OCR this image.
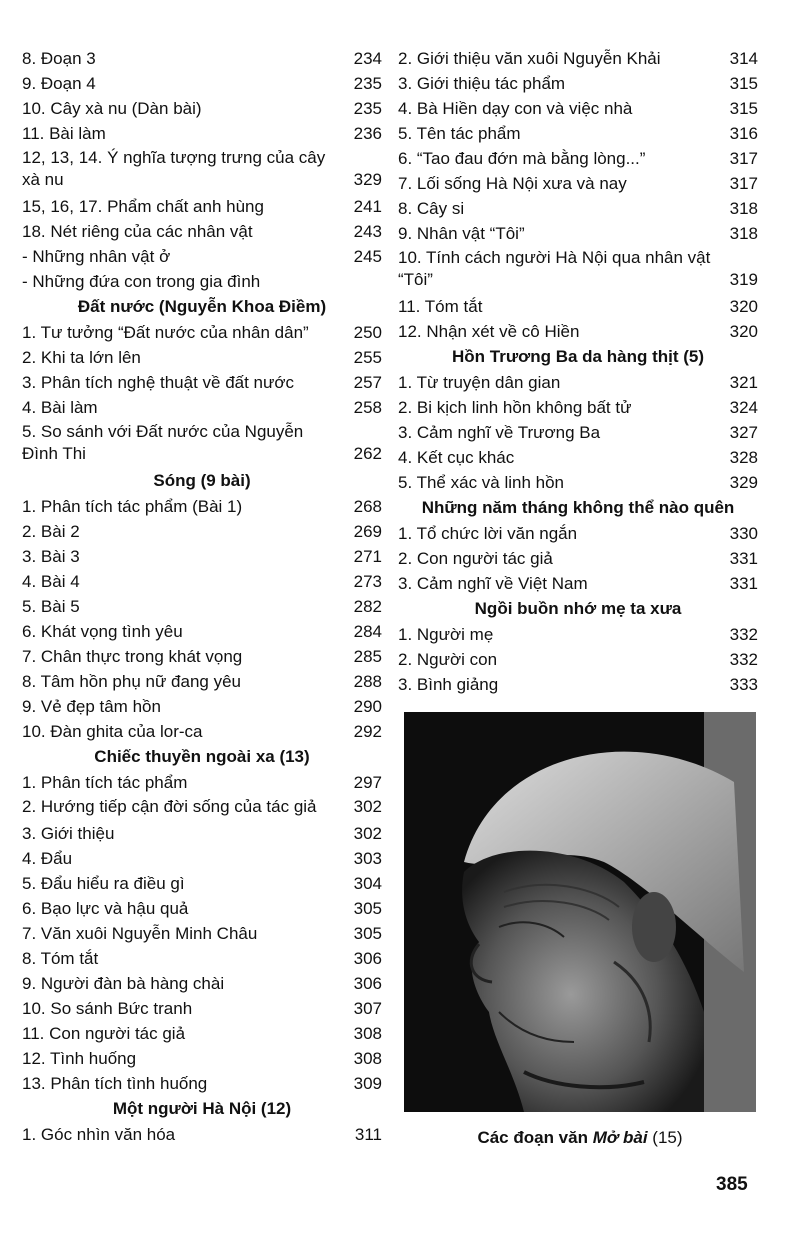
8. Đoạn 3	234
9. Đoạn 4	235
10. Cây xà nu (Dàn bài)	235
11. Bài làm	236
12, 13, 14. Ý nghĩa tượng trưng của cây xà nu	329
15, 16, 17. Phẩm chất anh hùng	241
18. Nét riêng của các nhân vật	243
- Những nhân vật ở	245
- Những đứa con trong gia đình
Đất nước (Nguyễn Khoa Điềm)
1. Tư tưởng “Đất nước của nhân dân”	250
2. Khi ta lớn lên	255
3. Phân tích nghệ thuật về đất nước	257
4. Bài làm	258
5. So sánh với Đất nước của Nguyễn Đình Thi	262
Sóng (9 bài)
1. Phân tích tác phẩm (Bài 1)	268
2. Bài 2	269
3. Bài 3	271
4. Bài 4	273
5. Bài 5	282
6. Khát vọng tình yêu	284
7. Chân thực trong khát vọng	285
8. Tâm hồn phụ nữ đang yêu	288
9. Vẻ đẹp tâm hồn	290
10. Đàn ghita của lor-ca	292
Chiếc thuyền ngoài xa (13)
1. Phân tích tác phẩm	297
2. Hướng tiếp cận đời sống của tác giả	302
3. Giới thiệu	302
4. Đẩu	303
5. Đẩu hiểu ra điều gì	304
6. Bạo lực và hậu quả	305
7. Văn xuôi Nguyễn Minh Châu	305
8. Tóm tắt	306
9. Người đàn bà hàng chài	306
10. So sánh Bức tranh	307
11. Con người tác giả	308
12. Tình huống	308
13. Phân tích tình huống	309
Một người Hà Nội (12)
1. Góc nhìn văn hóa	311
2. Giới thiệu văn xuôi Nguyễn Khải	314
3. Giới thiệu tác phẩm	315
4. Bà Hiền dạy con và việc nhà	315
5. Tên tác phẩm	316
6. “Tao đau đớn mà bằng lòng...”	317
7. Lối sống Hà Nội xưa và nay	317
8. Cây si	318
9. Nhân vật “Tôi”	318
10. Tính cách người Hà Nội qua nhân vật “Tôi”	319
11. Tóm tắt	320
12. Nhận xét về cô Hiền	320
Hồn Trương Ba da hàng thịt (5)
1. Từ truyện dân gian	321
2. Bi kịch linh hồn không bất tử	324
3. Cảm nghĩ về Trương Ba	327
4. Kết cục khác	328
5. Thể xác và linh hồn	329
Những năm tháng không thể nào quên
1. Tổ chức lời văn ngắn	330
2. Con người tác giả	331
3. Cảm nghĩ về Việt Nam	331
Ngồi buồn nhớ mẹ ta xưa
1. Người mẹ	332
2. Người con	332
3. Bình giảng	333
Các đoạn văn Mở bài (15)
385
